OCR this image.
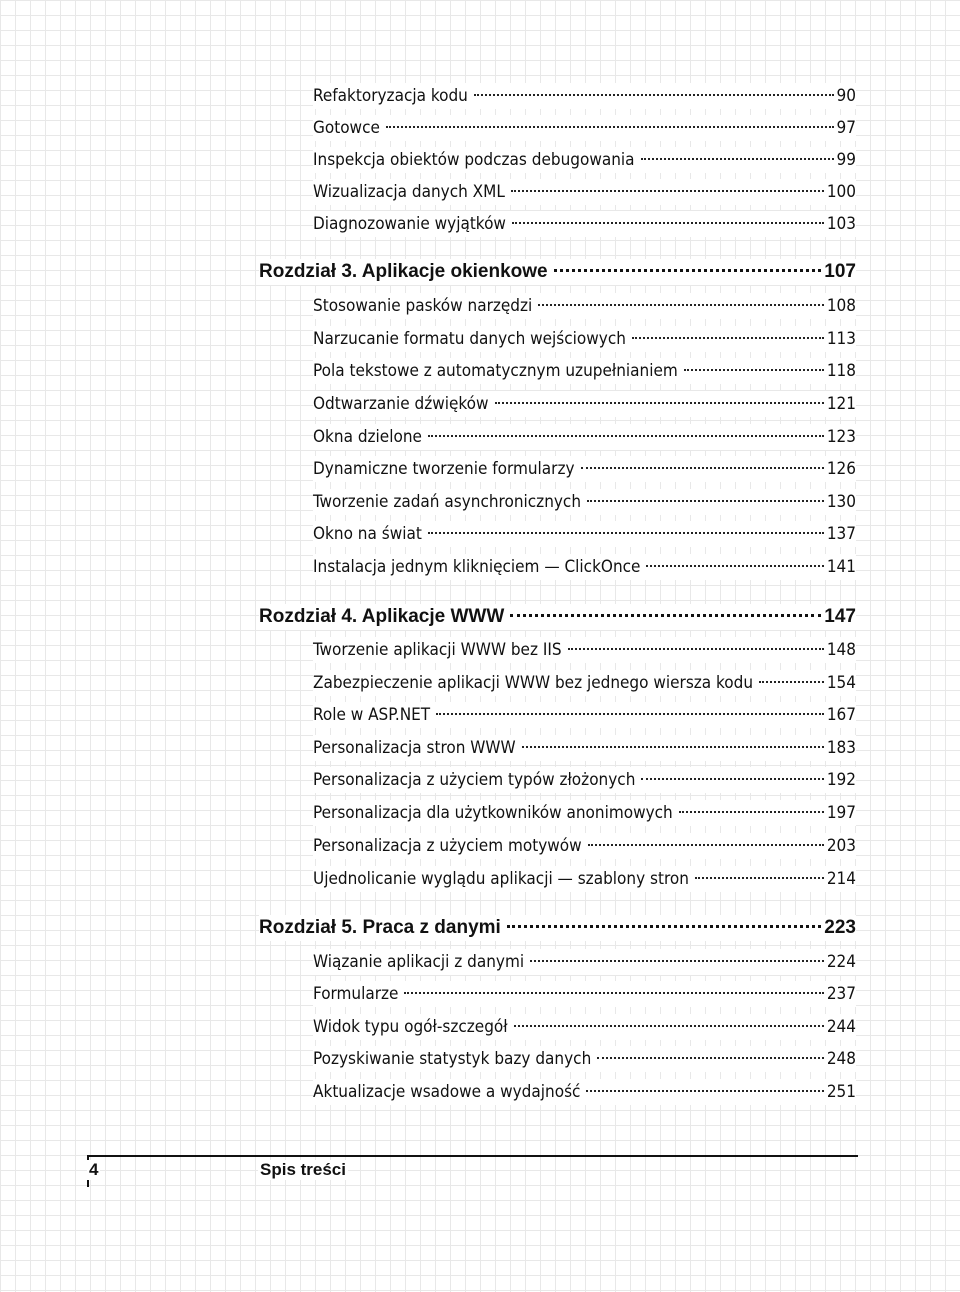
Refaktoryzacja kodu	90
Gotowce	97
Inspekcja obiektów podczas debugowania	99
Wizualizacja danych XML	100
Diagnozowanie wyjątków	103
Rozdział 3. Aplikacje okienkowe	107
Stosowanie pasków narzędzi	108
Narzucanie formatu danych wejściowych	113
Pola tekstowe z automatycznym uzupełnianiem	118
Odtwarzanie dźwięków	121
Okna dzielone	123
Dynamiczne tworzenie formularzy	126
Tworzenie zadań asynchronicznych	130
Okno na świat	137
Instalacja jednym kliknięciem — ClickOnce	141
Rozdział 4. Aplikacje WWW	147
Tworzenie aplikacji WWW bez IIS	148
Zabezpieczenie aplikacji WWW bez jednego wiersza kodu	154
Role w ASP.NET	167
Personalizacja stron WWW	183
Personalizacja z użyciem typów złożonych	192
Personalizacja dla użytkowników anonimowych	197
Personalizacja z użyciem motywów	203
Ujednolicanie wyglądu aplikacji — szablony stron	214
Rozdział 5. Praca z danymi	223
Wiązanie aplikacji z danymi	224
Formularze	237
Widok typu ogół-szczegół	244
Pozyskiwanie statystyk bazy danych	248
Aktualizacje wsadowe a wydajność	251
4	Spis treści
